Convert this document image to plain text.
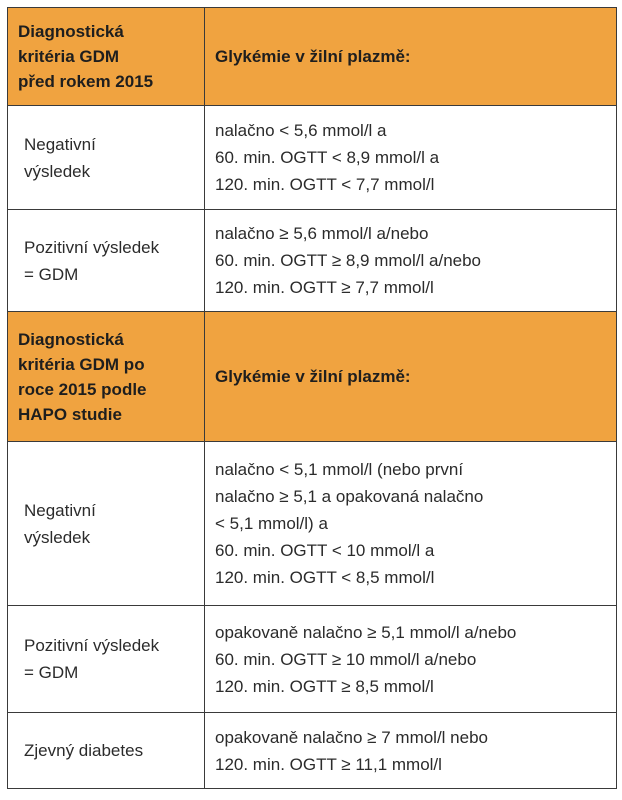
Diagnostická
kritéria GDM
před rokem 2015	Glykémie v žilní plazmě:

Negativní
výsledek	nalačno < 5,6 mmol/l a
60. min. OGTT < 8,9 mmol/l a
120. min. OGTT < 7,7 mmol/l

Pozitivní výsledek
= GDM	nalačno ≥ 5,6 mmol/l a/nebo
60. min. OGTT ≥ 8,9 mmol/l a/nebo
120. min. OGTT ≥ 7,7 mmol/l

Diagnostická
kritéria GDM po
roce 2015 podle
HAPO studie	Glykémie v žilní plazmě:

Negativní
výsledek	nalačno < 5,1 mmol/l (nebo první
nalačno ≥ 5,1 a opakovaná nalačno
< 5,1 mmol/l) a
60. min. OGTT < 10 mmol/l a
120. min. OGTT < 8,5 mmol/l

Pozitivní výsledek
= GDM	opakovaně nalačno ≥ 5,1 mmol/l a/nebo
60. min. OGTT ≥ 10 mmol/l a/nebo
120. min. OGTT ≥ 8,5 mmol/l

Zjevný diabetes	opakovaně nalačno ≥ 7 mmol/l nebo
120. min. OGTT ≥ 11,1 mmol/l
